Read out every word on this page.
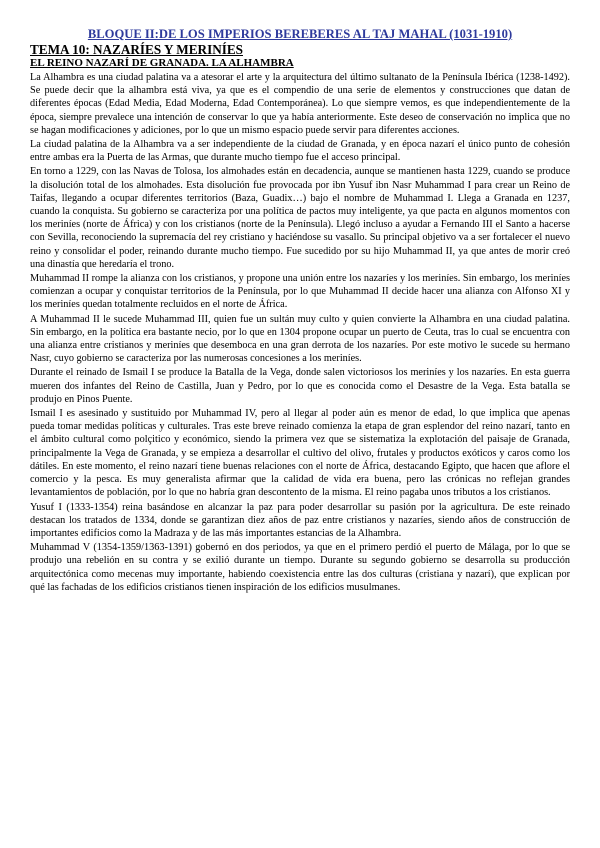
BLOQUE II:DE LOS IMPERIOS BEREBERES AL TAJ MAHAL (1031-1910)

TEMA 10: NAZARÍES Y MERINÍES

EL REINO NAZARÍ DE GRANADA. LA ALHAMBRA

La Alhambra es una ciudad palatina va a atesorar el arte y la arquitectura del último sultanato de la Península Ibérica (1238-1492). Se puede decir que la alhambra está viva, ya que es el compendio de una serie de elementos y construcciones que datan de diferentes épocas (Edad Media, Edad Moderna, Edad Contemporánea). Lo que siempre vemos, es que independientemente de la época, siempre prevalece una intención de conservar lo que ya había anteriormente. Este deseo de conservación no implica que no se hagan modificaciones y adiciones, por lo que un mismo espacio puede servir para diferentes acciones.

La ciudad palatina de la Alhambra va a ser independiente de la ciudad de Granada, y en época nazarí el único punto de cohesión entre ambas era la Puerta de las Armas, que durante mucho tiempo fue el acceso principal.

En torno a 1229, con las Navas de Tolosa, los almohades están en decadencia, aunque se mantienen hasta 1229, cuando se produce la disolución total de los almohades. Esta disolución fue provocada por ibn Yusuf ibn Nasr Muhammad I para crear un Reino de Taifas, llegando a ocupar diferentes territorios (Baza, Guadix…) bajo el nombre de Muhammad I. Llega a Granada en 1237, cuando la conquista. Su gobierno se caracteriza por una política de pactos muy inteligente, ya que pacta en algunos momentos con los meriníes (norte de África) y con los cristianos (norte de la Península). Llegó incluso a ayudar a Fernando III el Santo a hacerse con Sevilla, reconociendo la supremacía del rey cristiano y haciéndose su vasallo. Su principal objetivo va a ser fortalecer el nuevo reino y consolidar el poder, reinando durante mucho tiempo. Fue sucedido por su hijo Muhammad II, ya que antes de morir creó una dinastía que heredaría el trono.

Muhammad II rompe la alianza con los cristianos, y propone una unión entre los nazaríes y los meriníes. Sin embargo, los meriníes comienzan a ocupar y conquistar territorios de la Península, por lo que Muhammad II decide hacer una alianza con Alfonso XI y los meriníes quedan totalmente recluidos en el norte de África.

A Muhammad II le sucede Muhammad III, quien fue un sultán muy culto y quien convierte la Alhambra en una ciudad palatina. Sin embargo, en la política era bastante necio, por lo que en 1304 propone ocupar un puerto de Ceuta, tras lo cual se encuentra con una alianza entre cristianos y meriníes que desemboca en una gran derrota de los nazaríes. Por este motivo le sucede su hermano Nasr, cuyo gobierno se caracteriza por las numerosas concesiones a los meriníes.

Durante el reinado de Ismail I se produce la Batalla de la Vega, donde salen victoriosos los meriníes y los nazaríes. En esta guerra mueren dos infantes del Reino de Castilla, Juan y Pedro, por lo que es conocida como el Desastre de la Vega. Esta batalla se produjo en Pinos Puente.

Ismail I es asesinado y sustituido por Muhammad IV, pero al llegar al poder aún es menor de edad, lo que implica que apenas pueda tomar medidas políticas y culturales. Tras este breve reinado comienza la etapa de gran esplendor del reino nazarí, tanto en el ámbito cultural como polçitico y económico, siendo la primera vez que se sistematiza la explotación del paisaje de Granada, principalmente la Vega de Granada, y se empieza a desarrollar el cultivo del olivo, frutales y productos exóticos y caros como los dátiles. En este momento, el reino nazarí tiene buenas relaciones con el norte de África, destacando Egipto, que hacen que aflore el comercio y la pesca. Es muy generalista afirmar que la calidad de vida era buena, pero las crónicas no reflejan grandes levantamientos de población, por lo que no habría gran descontento de la misma. El reino pagaba unos tributos a los cristianos.

Yusuf I (1333-1354) reina basándose en alcanzar la paz para poder desarrollar su pasión por la agricultura. De este reinado destacan los tratados de 1334, donde se garantizan diez años de paz entre cristianos y nazaríes, siendo años de construcción de importantes edificios como la Madraza y de las más importantes estancias de la Alhambra.

Muhammad V (1354-1359/1363-1391) gobernó en dos periodos, ya que en el primero perdió el puerto de Málaga, por lo que se produjo una rebelión en su contra y se exilió durante un tiempo. Durante su segundo gobierno se desarrolla su producción arquitectónica como mecenas muy importante, habiendo coexistencia entre las dos culturas (cristiana y nazarí), que explican por qué las fachadas de los edificios cristianos tienen inspiración de los edificios musulmanes.
